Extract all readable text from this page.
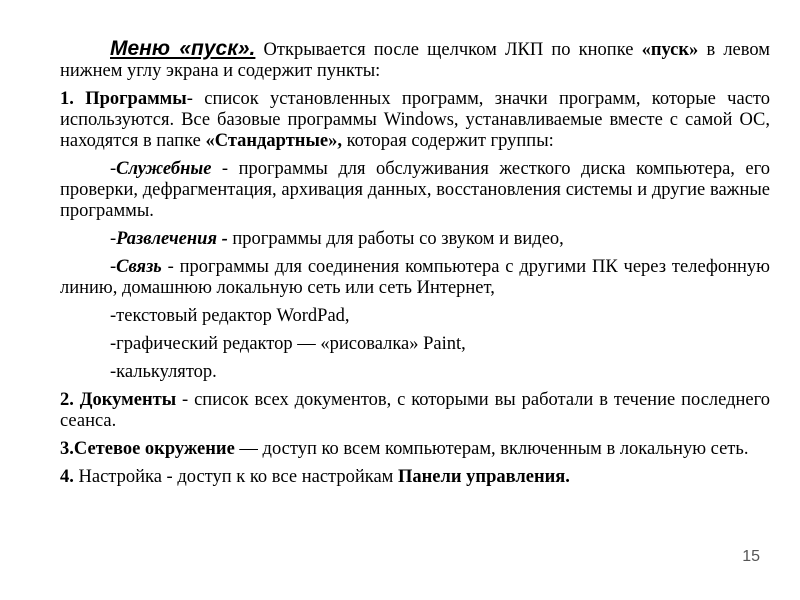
Меню «пуск». Открывается после щелчком ЛКП по кнопке «пуск» в левом нижнем углу экрана и содержит пункты:

1. Программы- список установленных программ, значки программ, которые часто используются. Все базовые программы Windows, устанавливаемые вместе с самой ОС, находятся в папке «Стандартные», которая содержит группы:

-Служебные - программы для обслуживания жесткого диска компьютера, его проверки, дефрагментация, архивация данных, восстановления системы и другие важные программы.

-Развлечения - программы для работы со звуком и видео,

-Связь - программы для соединения компьютера с другими ПК через телефонную линию, домашнюю локальную сеть или сеть Интернет,

-текстовый редактор WordPad,

-графический редактор — «рисовалка» Paint,

-калькулятор.

2. Документы - список всех документов, с которыми вы работали в течение последнего сеанса.

3.Сетевое окружение — доступ ко всем компьютерам, включенным в локальную сеть.

4. Настройка - доступ к ко все настройкам Панели управления.

15
